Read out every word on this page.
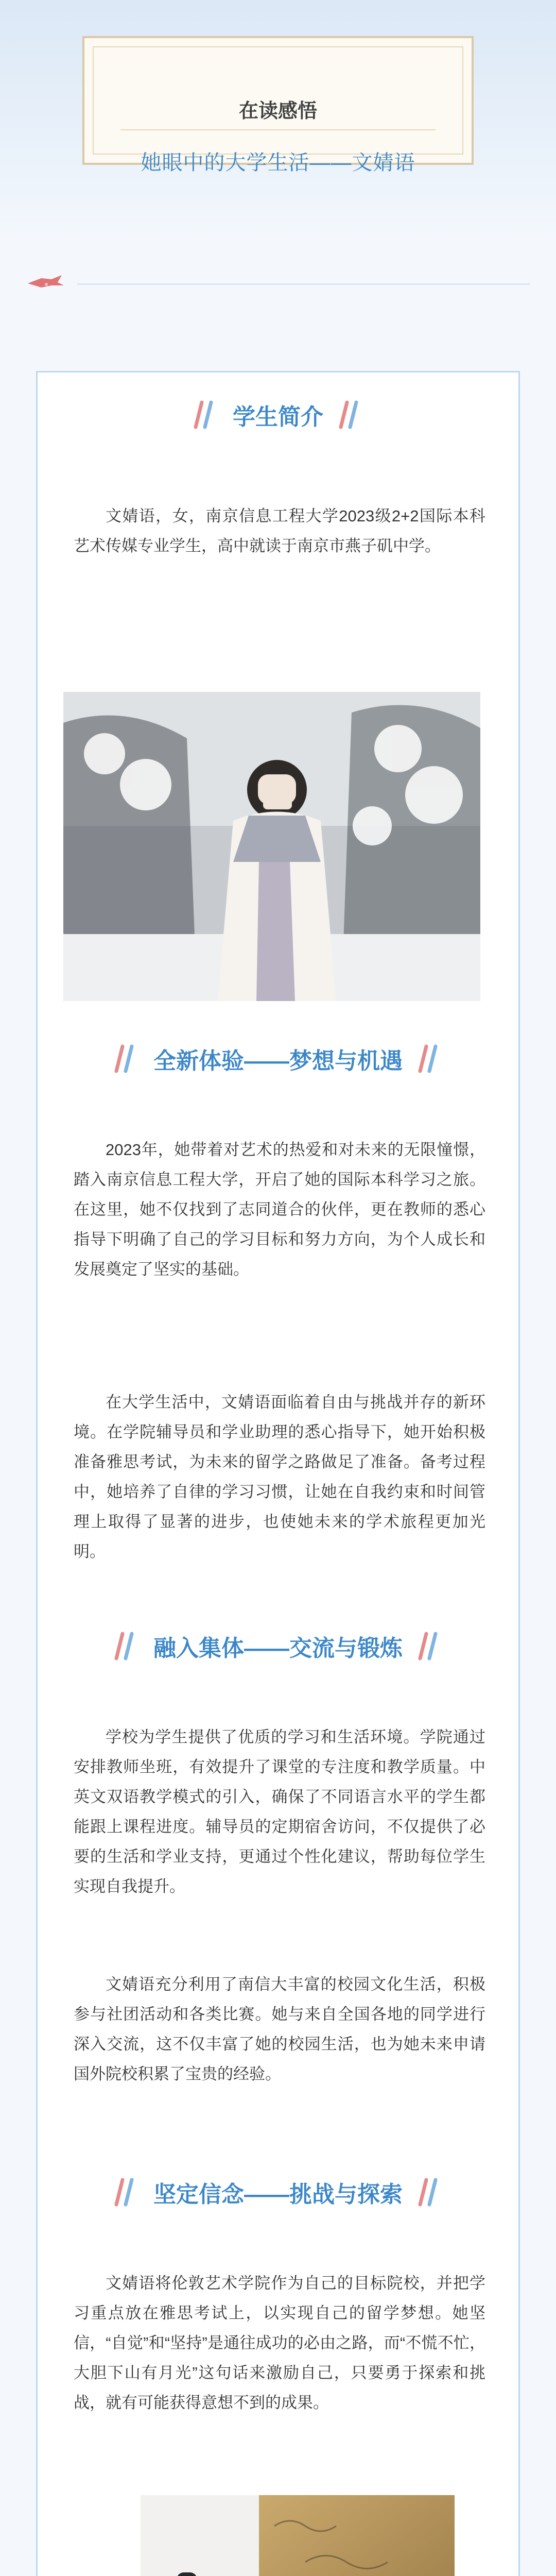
在读感悟
她眼中的大学生活——文婧语
学生简介

文婧语，女，南京信息工程大学2023级2+2国际本科艺术传媒专业学生，高中就读于南京市燕子矶中学。

全新体验——梦想与机遇

2023年，她带着对艺术的热爱和对未来的无限憧憬，踏入南京信息工程大学，开启了她的国际本科学习之旅。在这里，她不仅找到了志同道合的伙伴，更在教师的悉心指导下明确了自己的学习目标和努力方向，为个人成长和发展奠定了坚实的基础。

在大学生活中，文婧语面临着自由与挑战并存的新环境。在学院辅导员和学业助理的悉心指导下，她开始积极准备雅思考试，为未来的留学之路做足了准备。备考过程中，她培养了自律的学习习惯，让她在自我约束和时间管理上取得了显著的进步，也使她未来的学术旅程更加光明。

融入集体——交流与锻炼

学校为学生提供了优质的学习和生活环境。学院通过安排教师坐班，有效提升了课堂的专注度和教学质量。中英文双语教学模式的引入，确保了不同语言水平的学生都能跟上课程进度。辅导员的定期宿舍访问，不仅提供了必要的生活和学业支持，更通过个性化建议，帮助每位学生实现自我提升。

文婧语充分利用了南信大丰富的校园文化生活，积极参与社团活动和各类比赛。她与来自全国各地的同学进行深入交流，这不仅丰富了她的校园生活，也为她未来申请国外院校积累了宝贵的经验。

坚定信念——挑战与探索

文婧语将伦敦艺术学院作为自己的目标院校，并把学习重点放在雅思考试上，以实现自己的留学梦想。她坚信，“自觉”和“坚持”是通往成功的必由之路，而“不慌不忙，大胆下山有月光”这句话来激励自己，只要勇于探索和挑战，就有可能获得意想不到的成果。
